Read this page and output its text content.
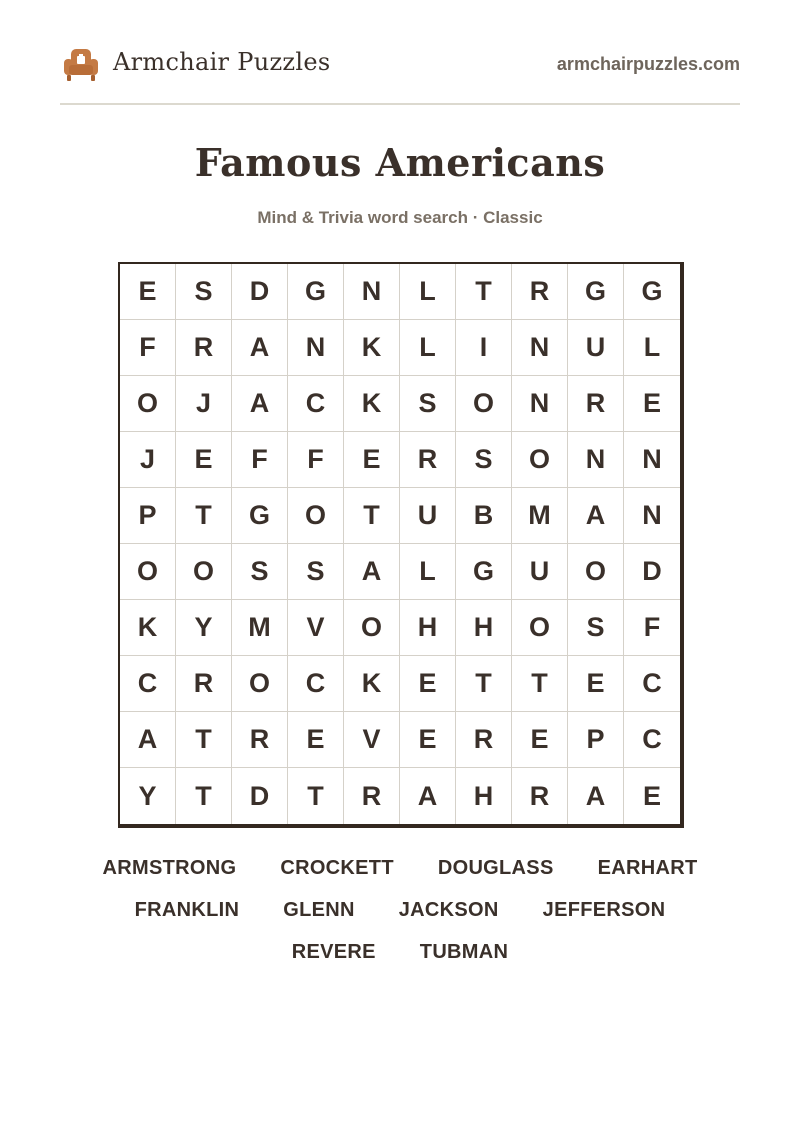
Armchair Puzzles	armchairpuzzles.com
Famous Americans
Mind & Trivia word search · Classic
E	S	D	G	N	L	T	R	G	G
F	R	A	N	K	L	I	N	U	L
O	J	A	C	K	S	O	N	R	E
J	E	F	F	E	R	S	O	N	N
P	T	G	O	T	U	B	M	A	N
O	O	S	S	A	L	G	U	O	D
K	Y	M	V	O	H	H	O	S	F
C	R	O	C	K	E	T	T	E	C
A	T	R	E	V	E	R	E	P	C
Y	T	D	T	R	A	H	R	A	E
ARMSTRONG	CROCKETT	DOUGLASS	EARHART
FRANKLIN	GLENN	JACKSON	JEFFERSON
REVERE	TUBMAN
